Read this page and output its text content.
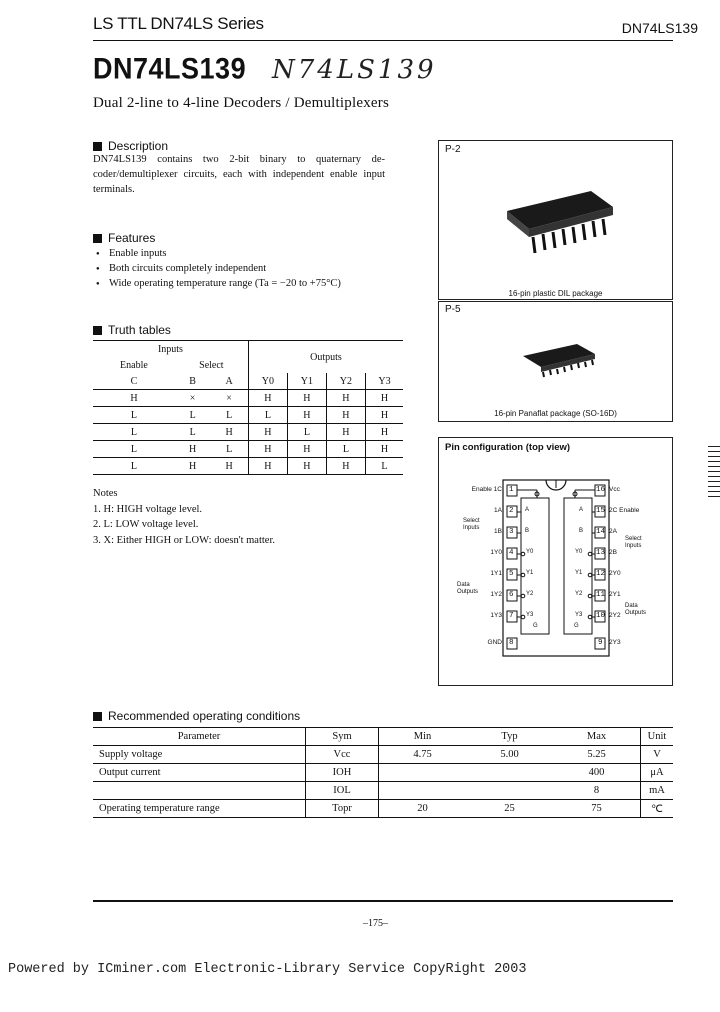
LS TTL DN74LS Series	DN74LS139
DN74LS139 N74LS139
Dual 2-line to 4-line Decoders / Demultiplexers
Description
DN74LS139 contains two 2-bit binary to quaternary de-coder/demultiplexer circuits, each with independent enable input terminals.
Features
● Enable inputs
● Both circuits completely independent
● Wide operating temperature range (Ta = −20 to +75°C)
Truth tables
Inputs			Outputs			
Enable	Select					
C	B	A	Y0	Y1	Y2	Y3
H	×	×	H	H	H	H
L	L	L	L	H	H	H
L	L	H	H	L	H	H
L	H	L	H	H	L	H
L	H	H	H	H	H	L
Notes
1. H: HIGH voltage level.
2. L: LOW voltage level.
3. X: Either HIGH or LOW: doesn't matter.
P-2
16-pin plastic DIL package
P-5
16-pin Panaflat package (SO-16D)
Pin configuration (top view)
1
2
3
4
5
6
7
8
Enable 1C
1A
1B
1Y0
1Y1
1Y2
1Y3
GND
Select Inputs
Data Outputs
16
15
14
13
12
11
10
9
Vcc
2C Enable
2A
2B
2Y0
2Y1
2Y2
2Y3
Select Inputs
Data Outputs
A
B
Y0
Y1
Y2
Y3
A
B
Y0
Y1
Y2
Y3
G	G
Recommended operating conditions
Parameter	Sym	Min	Typ	Max	Unit
Supply voltage	Vcc	4.75	5.00	5.25	V
Output current	IOH			400	μA
	IOL			8	mA
Operating temperature range	Topr	20	25	75	℃
–175–
Powered by ICminer.com Electronic-Library Service CopyRight 2003
